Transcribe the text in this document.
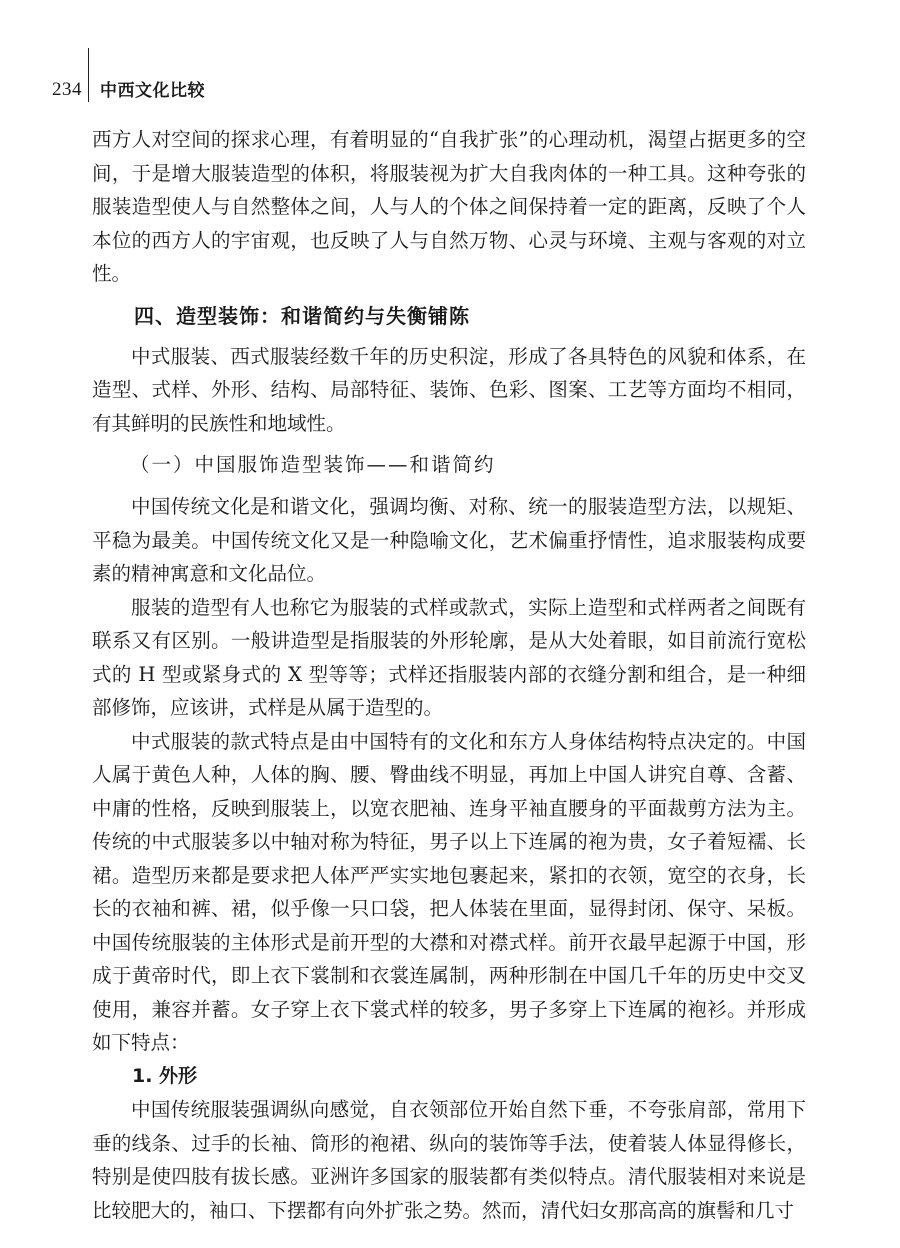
234 中西文化比较

西方人对空间的探求心理，有着明显的“自我扩张”的心理动机，渴望占据更多的空间，于是增大服装造型的体积，将服装视为扩大自我肉体的一种工具。这种夸张的服装造型使人与自然整体之间，人与人的个体之间保持着一定的距离，反映了个人本位的西方人的宇宙观，也反映了人与自然万物、心灵与环境、主观与客观的对立性。

四、造型装饰：和谐简约与失衡铺陈

中式服装、西式服装经数千年的历史积淀，形成了各具特色的风貌和体系，在造型、式样、外形、结构、局部特征、装饰、色彩、图案、工艺等方面均不相同，有其鲜明的民族性和地域性。

（一）中国服饰造型装饰——和谐简约

中国传统文化是和谐文化，强调均衡、对称、统一的服装造型方法，以规矩、平稳为最美。中国传统文化又是一种隐喻文化，艺术偏重抒情性，追求服装构成要素的精神寓意和文化品位。

服装的造型有人也称它为服装的式样或款式，实际上造型和式样两者之间既有联系又有区别。一般讲造型是指服装的外形轮廓，是从大处着眼，如目前流行宽松式的 H 型或紧身式的 X 型等等；式样还指服装内部的衣缝分割和组合，是一种细部修饰，应该讲，式样是从属于造型的。

中式服装的款式特点是由中国特有的文化和东方人身体结构特点决定的。中国人属于黄色人种，人体的胸、腰、臀曲线不明显，再加上中国人讲究自尊、含蓄、中庸的性格，反映到服装上，以宽衣肥袖、连身平袖直腰身的平面裁剪方法为主。传统的中式服装多以中轴对称为特征，男子以上下连属的袍为贵，女子着短襦、长裙。造型历来都是要求把人体严严实实地包裹起来，紧扣的衣领，宽空的衣身，长长的衣袖和裤、裙，似乎像一只口袋，把人体装在里面，显得封闭、保守、呆板。中国传统服装的主体形式是前开型的大襟和对襟式样。前开衣最早起源于中国，形成于黄帝时代，即上衣下裳制和衣裳连属制，两种形制在中国几千年的历史中交叉使用，兼容并蓄。女子穿上衣下裳式样的较多，男子多穿上下连属的袍衫。并形成如下特点：

1. 外形

中国传统服装强调纵向感觉，自衣领部位开始自然下垂，不夸张肩部，常用下垂的线条、过手的长袖、筒形的袍裙、纵向的装饰等手法，使着装人体显得修长，特别是使四肢有拔长感。亚洲许多国家的服装都有类似特点。清代服装相对来说是比较肥大的，袖口、下摆都有向外扩张之势。然而，清代妇女那高高的旗髻和几寸
